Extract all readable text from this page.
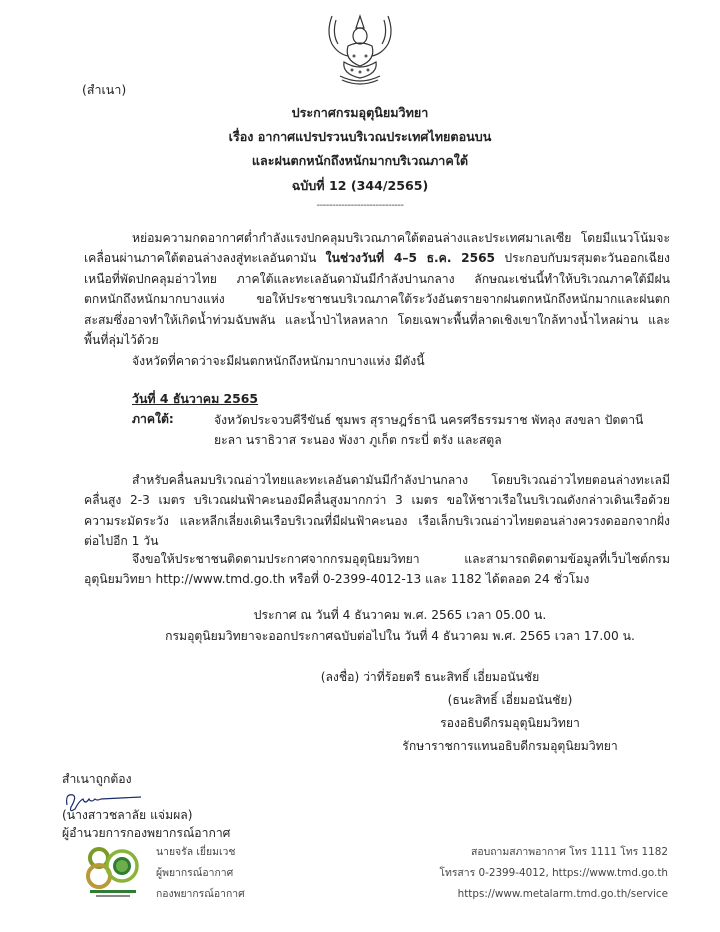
(สำเนา)
ประกาศกรมอุตุนิยมวิทยา
เรื่อง อากาศแปรปรวนบริเวณประเทศไทยตอนบน
และฝนตกหนักถึงหนักมากบริเวณภาคใต้
ฉบับที่ 12 (344/2565)
----------------------------
หย่อมความกดอากาศต่ำกำลังแรงปกคลุมบริเวณภาคใต้ตอนล่างและประเทศมาเลเซีย โดยมีแนวโน้มจะเคลื่อนผ่านภาคใต้ตอนล่างลงสู่ทะเลอันดามัน ในช่วงวันที่ 4–5 ธ.ค. 2565 ประกอบกับมรสุมตะวันออกเฉียงเหนือที่พัดปกคลุมอ่าวไทย ภาคใต้และทะเลอันดามันมีกำลังปานกลาง ลักษณะเช่นนี้ทำให้บริเวณภาคใต้มีฝนตกหนักถึงหนักมากบางแห่ง ขอให้ประชาชนบริเวณภาคใต้ระวังอันตรายจากฝนตกหนักถึงหนักมากและฝนตกสะสมซึ่งอาจทำให้เกิดน้ำท่วมฉับพลัน และน้ำป่าไหลหลาก โดยเฉพาะพื้นที่ลาดเชิงเขาใกล้ทางน้ำไหลผ่าน และพื้นที่ลุ่มไว้ด้วย
จังหวัดที่คาดว่าจะมีฝนตกหนักถึงหนักมากบางแห่ง มีดังนี้
วันที่ 4 ธันวาคม 2565
ภาคใต้:	จังหวัดประจวบคีรีขันธ์ ชุมพร สุราษฎร์ธานี นครศรีธรรมราช พัทลุง สงขลา ปัตตานี
ยะลา นราธิวาส ระนอง พังงา ภูเก็ต กระบี่ ตรัง และสตูล
สำหรับคลื่นลมบริเวณอ่าวไทยและทะเลอันดามันมีกำลังปานกลาง โดยบริเวณอ่าวไทยตอนล่างทะเลมีคลื่นสูง 2-3 เมตร บริเวณฝนฟ้าคะนองมีคลื่นสูงมากกว่า 3 เมตร ขอให้ชาวเรือในบริเวณดังกล่าวเดินเรือด้วยความระมัดระวัง และหลีกเลี่ยงเดินเรือบริเวณที่มีฝนฟ้าคะนอง เรือเล็กบริเวณอ่าวไทยตอนล่างควรงดออกจากฝั่งต่อไปอีก 1 วัน
จึงขอให้ประชาชนติดตามประกาศจากกรมอุตุนิยมวิทยา และสามารถติดตามข้อมูลที่เว็บไซต์กรมอุตุนิยมวิทยา http://www.tmd.go.th หรือที่ 0-2399-4012-13 และ 1182 ได้ตลอด 24 ชั่วโมง
ประกาศ ณ วันที่ 4 ธันวาคม พ.ศ. 2565 เวลา 05.00 น.
กรมอุตุนิยมวิทยาจะออกประกาศฉบับต่อไปใน วันที่ 4 ธันวาคม พ.ศ. 2565 เวลา 17.00 น.
(ลงชื่อ) ว่าที่ร้อยตรี ธนะสิทธิ์ เอี่ยมอนันชัย
(ธนะสิทธิ์ เอี่ยมอนันชัย)
รองอธิบดีกรมอุตุนิยมวิทยา
รักษาราชการแทนอธิบดีกรมอุตุนิยมวิทยา
สำเนาถูกต้อง
(นางสาวชลาลัย แจ่มผล)
ผู้อำนวยการกองพยากรณ์อากาศ
นายจรัล เยี่ยมเวช
ผู้พยากรณ์อากาศ
กองพยากรณ์อากาศ
สอบถามสภาพอากาศ โทร 1111 โทร 1182
โทรสาร 0-2399-4012, https://www.tmd.go.th
https://www.metalarm.tmd.go.th/service
